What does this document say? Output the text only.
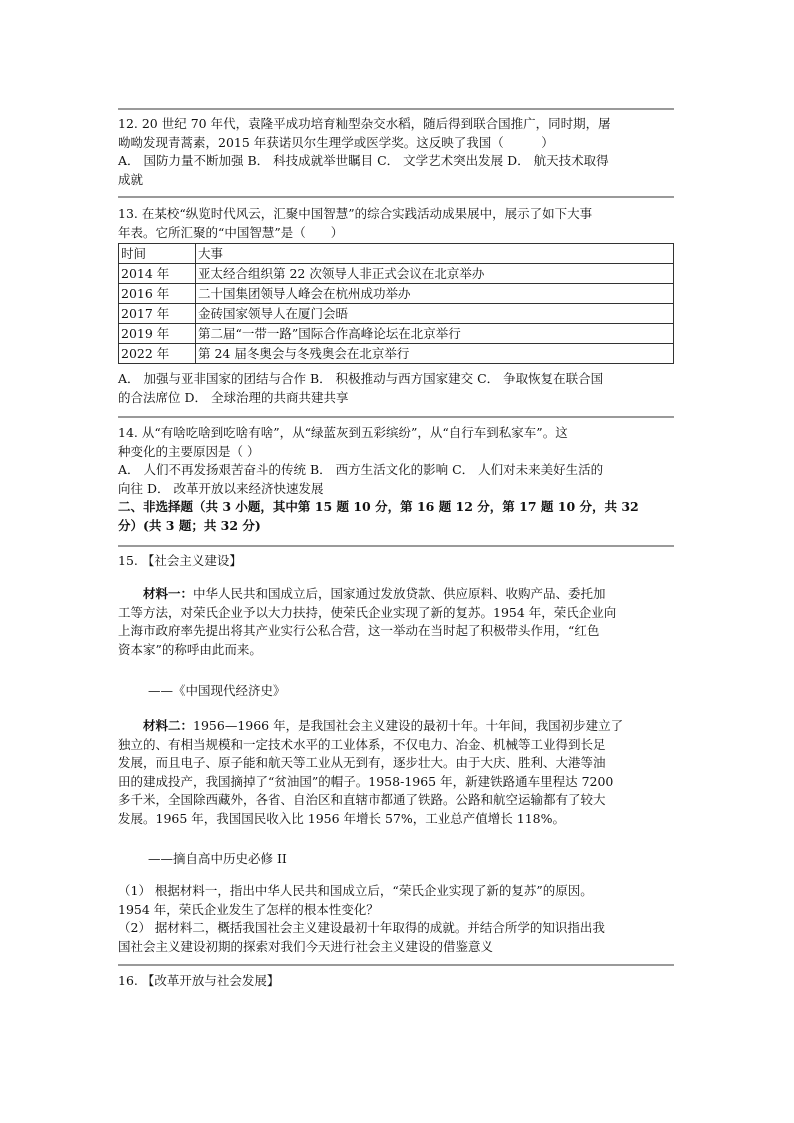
12. 20 世纪 70 年代，袁隆平成功培育籼型杂交水稻，随后得到联合国推广，同时期，屠

呦呦发现青蒿素，2015 年获诺贝尔生理学或医学奖。这反映了我国（　　　）

A． 国防力量不断加强 B． 科技成就举世瞩目 C． 文学艺术突出发展 D． 航天技术取得

成就

13. 在某校“纵览时代风云，汇聚中国智慧”的综合实践活动成果展中，展示了如下大事

年表。它所汇聚的“中国智慧”是（　　）

时间	大事
2014 年	亚太经合组织第 22 次领导人非正式会议在北京举办
2016 年	二十国集团领导人峰会在杭州成功举办
2017 年	金砖国家领导人在厦门会晤
2019 年	第二届“一带一路”国际合作高峰论坛在北京举行
2022 年	第 24 届冬奥会与冬残奥会在北京举行

A． 加强与亚非国家的团结与合作 B． 积极推动与西方国家建交 C． 争取恢复在联合国

的合法席位 D． 全球治理的共商共建共享

14. 从“有啥吃啥到吃啥有啥”，从“绿蓝灰到五彩缤纷”，从“自行车到私家车”。这

种变化的主要原因是（ ）

A． 人们不再发扬艰苦奋斗的传统 B． 西方生活文化的影响 C． 人们对未来美好生活的

向往 D． 改革开放以来经济快速发展

二、非选择题（共 3 小题，其中第 15 题 10 分，第 16 题 12 分，第 17 题 10 分，共 32

分）(共 3 题；共 32 分)

15. 【社会主义建设】

材料一：中华人民共和国成立后，国家通过发放贷款、供应原料、收购产品、委托加

工等方法，对荣氏企业予以大力扶持，使荣氏企业实现了新的复苏。1954 年，荣氏企业向

上海市政府率先提出将其产业实行公私合营，这一举动在当时起了积极带头作用，“红色

资本家”的称呼由此而来。

——《中国现代经济史》

材料二：1956—1966 年，是我国社会主义建设的最初十年。十年间，我国初步建立了

独立的、有相当规模和一定技术水平的工业体系，不仅电力、冶金、机械等工业得到长足

发展，而且电子、原子能和航天等工业从无到有，逐步壮大。由于大庆、胜利、大港等油

田的建成投产，我国摘掉了“贫油国”的帽子。1958-1965 年，新建铁路通车里程达 7200

多千米，全国除西藏外，各省、自治区和直辖市都通了铁路。公路和航空运输都有了较大

发展。1965 年，我国国民收入比 1956 年增长 57%，工业总产值增长 118%。

——摘自高中历史必修 II

（1） 根据材料一，指出中华人民共和国成立后，“荣氏企业实现了新的复苏”的原因。

1954 年，荣氏企业发生了怎样的根本性变化？

（2） 据材料二，概括我国社会主义建设最初十年取得的成就。并结合所学的知识指出我

国社会主义建设初期的探索对我们今天进行社会主义建设的借鉴意义

16. 【改革开放与社会发展】
